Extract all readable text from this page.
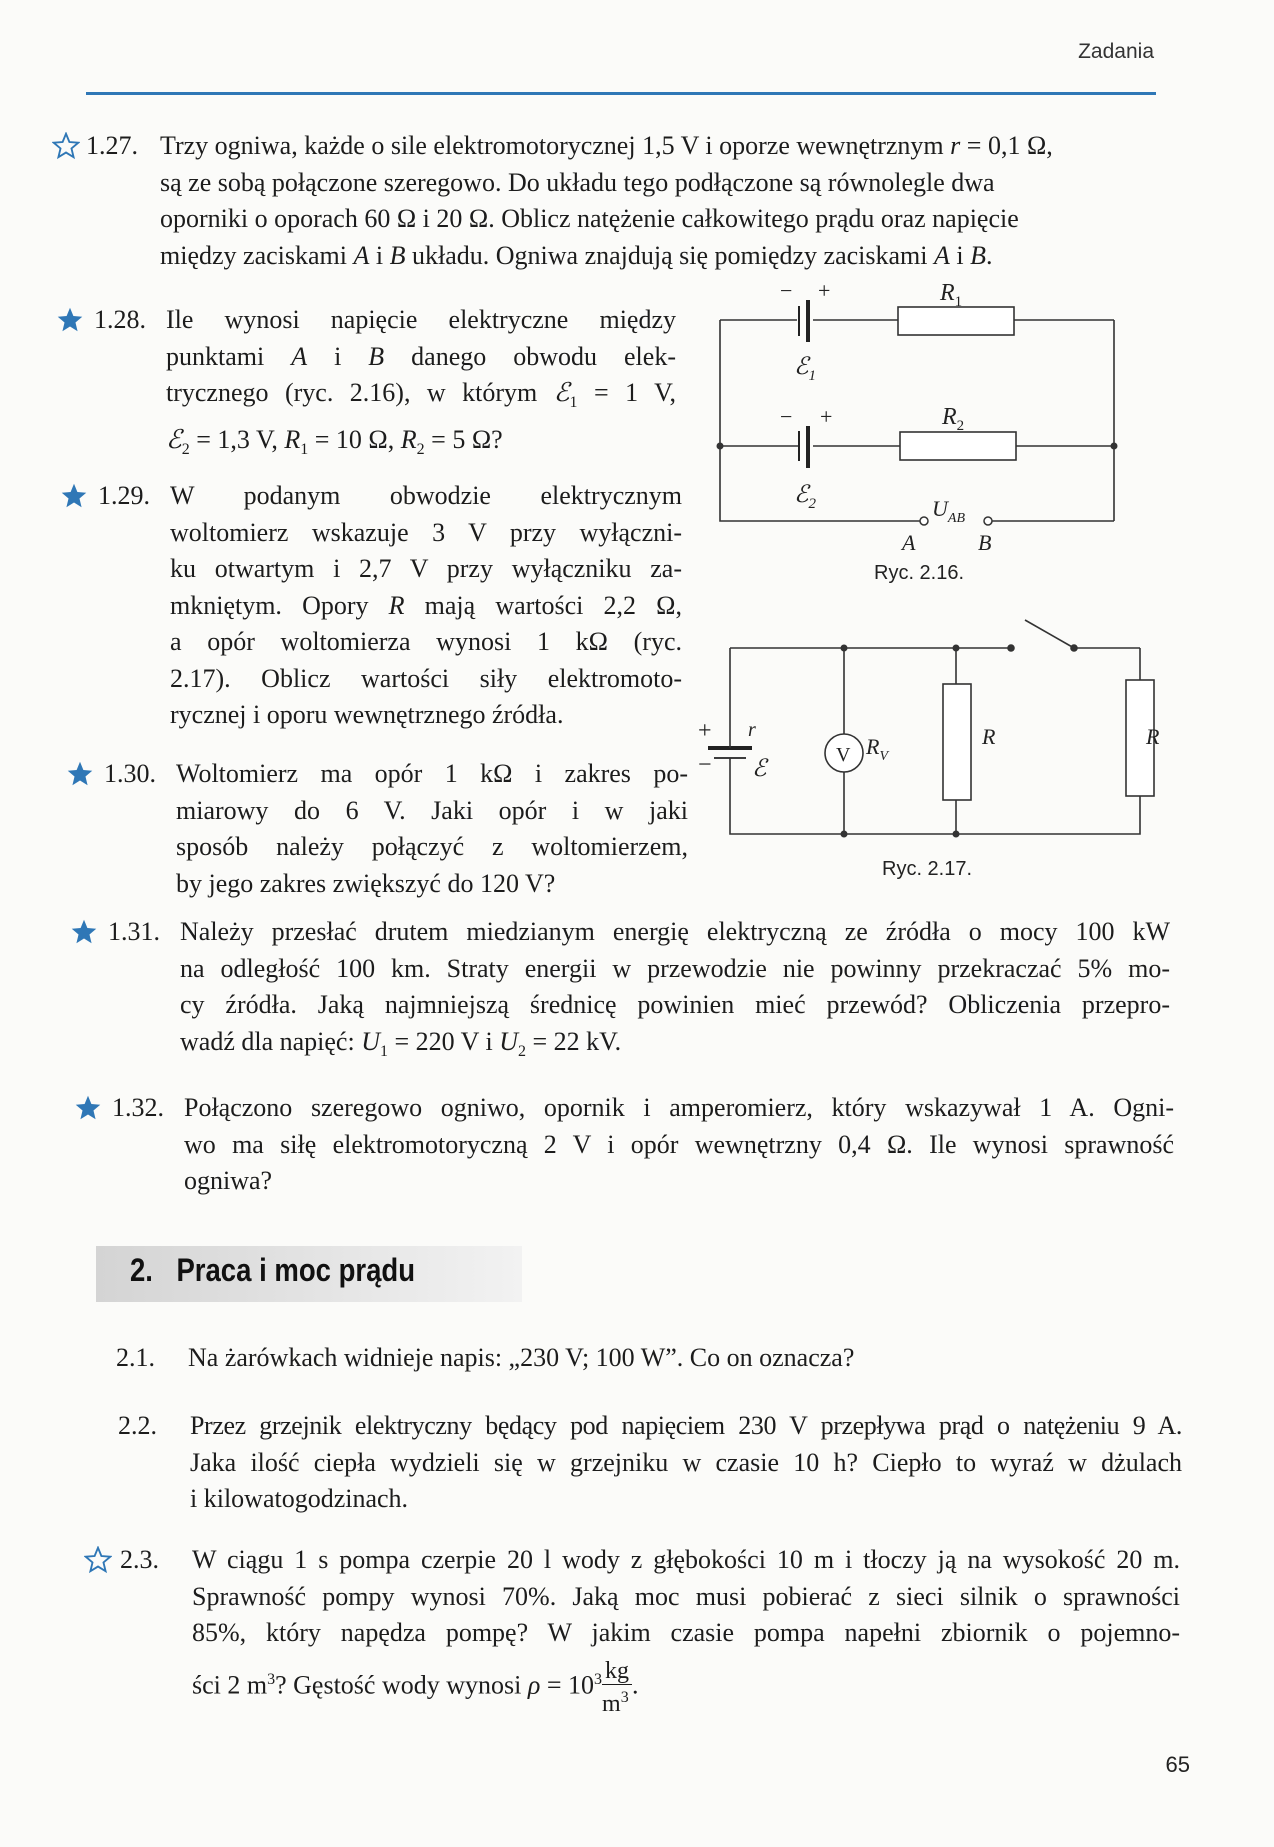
Zadania
1.27. Trzy ogniwa, każde o sile elektromotorycznej 1,5 V i oporze wewnętrznym r = 0,1 Ω,
są ze sobą połączone szeregowo. Do układu tego podłączone są równolegle dwa
oporniki o oporach 60 Ω i 20 Ω. Oblicz natężenie całkowitego prądu oraz napięcie
między zaciskami A i B układu. Ogniwa znajdują się pomiędzy zaciskami A i B.
1.28. Ile wynosi napięcie elektryczne między
punktami A i B danego obwodu elek-
trycznego (ryc. 2.16), w którym ℰ$_1$ = 1 V,
ℰ$_2$ = 1,3 V, $R_1 = 10$ Ω, $R_2 = 5$ Ω?
1.29. W podanym obwodzie elektrycznym
woltomierz wskazuje 3 V przy wyłączni-
ku otwartym i 2,7 V przy wyłączniku za-
mkniętym. Opory R mają wartości 2,2 Ω,
a opór woltomierza wynosi 1 kΩ (ryc.
2.17). Oblicz wartości siły elektromoto-
rycznej i oporu wewnętrznego źródła.
1.30. Woltomierz ma opór 1 kΩ i zakres po-
miarowy do 6 V. Jaki opór i w jaki
sposób należy połączyć z woltomierzem,
by jego zakres zwiększyć do 120 V?
1.31. Należy przesłać drutem miedzianym energię elektryczną ze źródła o mocy 100 kW
na odległość 100 km. Straty energii w przewodzie nie powinny przekraczać 5% mo-
cy źródła. Jaką najmniejszą średnicę powinien mieć przewód? Obliczenia przepro-
wadź dla napięć: $U_1 = 220$ V i $U_2 = 22$ kV.
1.32. Połączono szeregowo ogniwo, opornik i amperomierz, który wskazywał 1 A. Ogni-
wo ma siłę elektromotoryczną 2 V i opór wewnętrzny 0,4 Ω. Ile wynosi sprawność
ogniwa?
2. Praca i moc prądu
2.1. Na żarówkach widnieje napis: „230 V; 100 W”. Co on oznacza?
2.2. Przez grzejnik elektryczny będący pod napięciem 230 V przepływa prąd o natężeniu 9 A.
Jaka ilość ciepła wydzieli się w grzejniku w czasie 10 h? Ciepło to wyraź w dżulach
i kilowatogodzinach.
2.3. W ciągu 1 s pompa czerpie 20 l wody z głębokości 10 m i tłoczy ją na wysokość 20 m.
Sprawność pompy wynosi 70%. Jaką moc musi pobierać z sieci silnik o sprawności
85%, który napędza pompę? W jakim czasie pompa napełni zbiornik o pojemno-
ści 2 $m^3$? Gęstość wody wynosi $\rho = 10^3 \frac{kg}{m^3}$ .
− +
ℰ$_1$
$R_1$
− +
ℰ$_2$
$R_2$
$U_{AB}$
A	B
Ryc. 2.16.
+
−
r
ℰ
V $R_V$
R	R
Ryc. 2.17.
65
